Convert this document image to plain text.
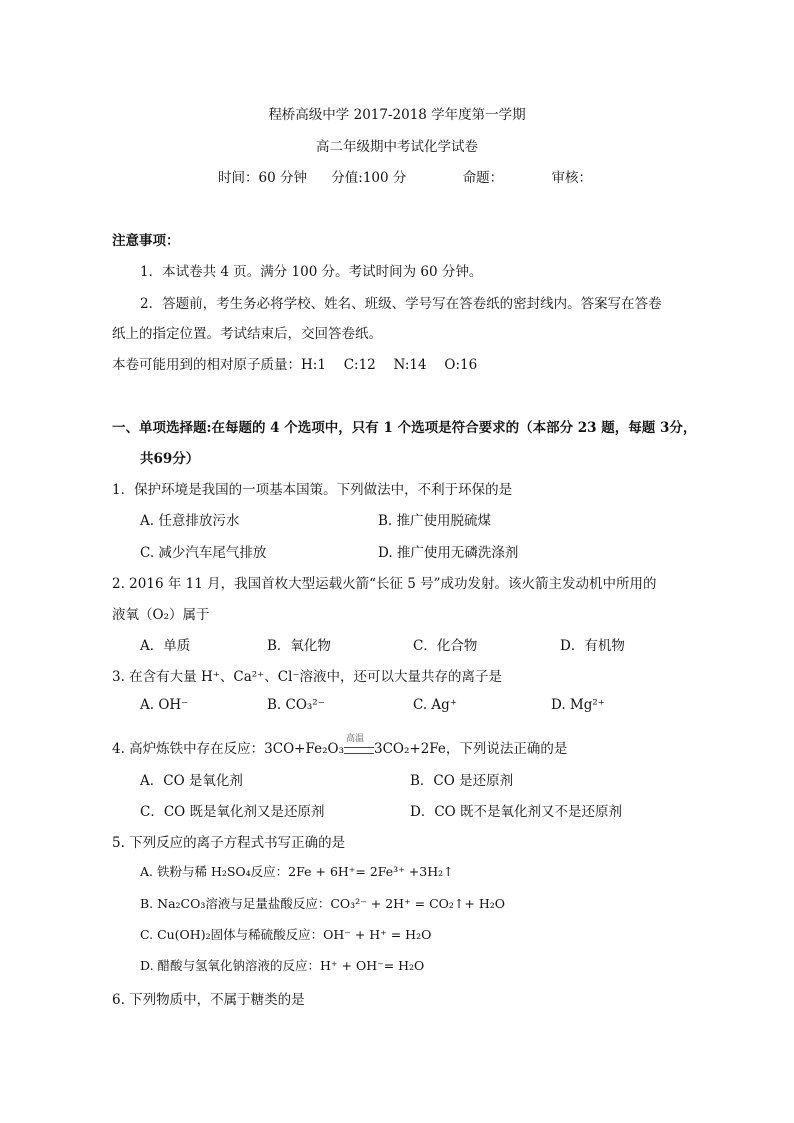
程桥高级中学 2017-2018 学年度第一学期
高二年级期中考试化学试卷
时间：60 分钟 分值:100 分	命题：	审核：
注意事项：
1．本试卷共 4 页。满分 100 分。考试时间为 60 分钟。
2．答题前，考生务必将学校、姓名、班级、学号写在答卷纸的密封线内。答案写在答卷
纸上的指定位置。考试结束后，交回答卷纸。
本卷可能用到的相对原子质量：H:1　 C:12　 N:14　 O:16
一、单项选择题:在每题的 4 个选项中，只有 1 个选项是符合要求的（本部分 23 题，每题 3分，
共69分）
1．保护环境是我国的一项基本国策。下列做法中，不利于环保的是
A. 任意排放污水	B. 推广使用脱硫煤
C. 减少汽车尾气排放	D. 推广使用无磷洗涤剂
2. 2016 年 11 月，我国首枚大型运载火箭“长征 5 号”成功发射。该火箭主发动机中所用的
液氧（O₂）属于
A．单质	B．氧化物	C．化合物	D．有机物
3. 在含有大量 H⁺、Ca²⁺、Cl⁻溶液中，还可以大量共存的离子是
A. OH⁻	B. CO₃²⁻	C. Ag⁺	D. Mg²⁺
4. 高炉炼铁中存在反应：3CO+Fe₂O₃
高温
3CO₂+2Fe，下列说法正确的是
A．CO 是氧化剂	B．CO 是还原剂
C．CO 既是氧化剂又是还原剂	D．CO 既不是氧化剂又不是还原剂
5. 下列反应的离子方程式书写正确的是
A. 铁粉与稀 H₂SO₄反应：2Fe + 6H⁺= 2Fe³⁺ +3H₂↑
B. Na₂CO₃溶液与足量盐酸反应：CO₃²⁻ + 2H⁺ = CO₂↑+ H₂O
C. Cu(OH)₂固体与稀硫酸反应：OH⁻ + H⁺ = H₂O
D. 醋酸与氢氧化钠溶液的反应：H⁺ + OH⁻= H₂O
6. 下列物质中，不属于糖类的是
